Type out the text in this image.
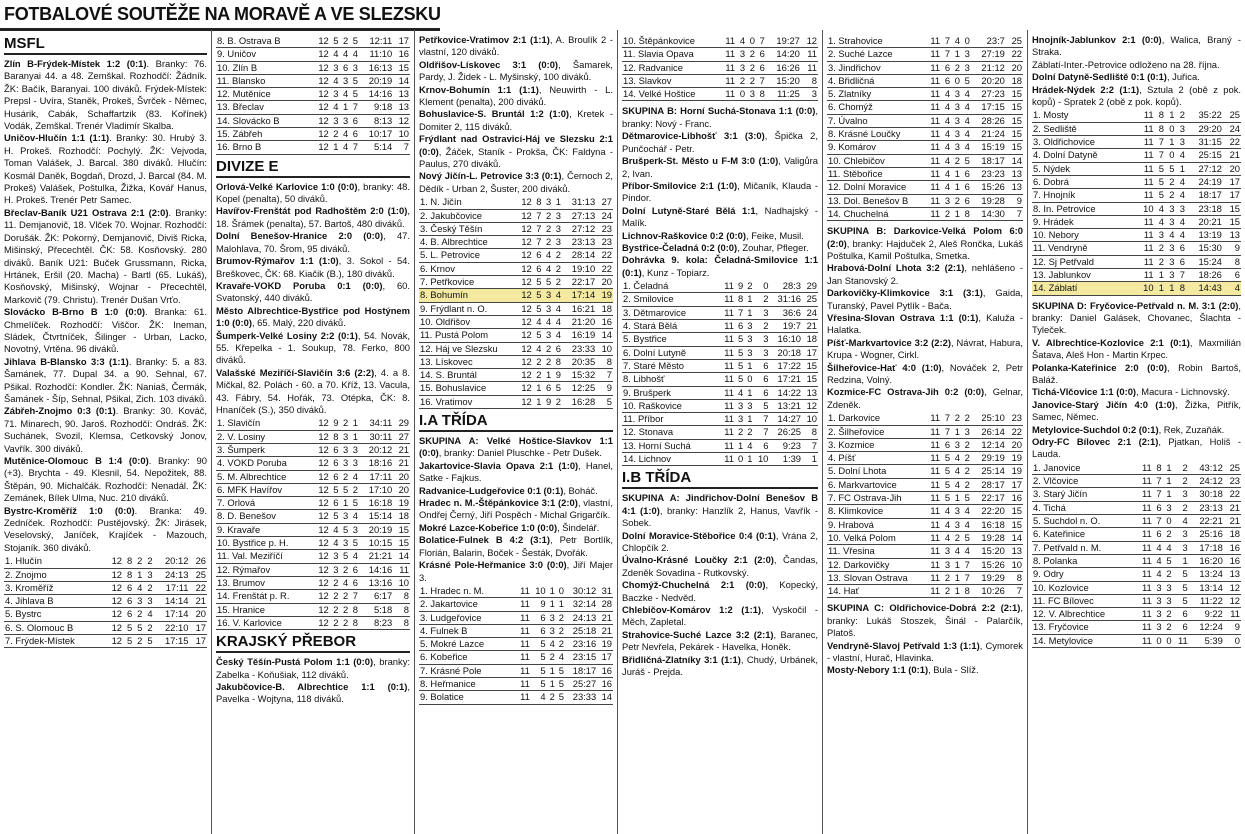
FOTBALOVÉ SOUTĚŽE NA MORAVĚ A VE SLEZSKU
MSFL

Zlín B-Frýdek-Místek 1:2 (0:1). Branky: 76. Baranyai 44. a 48. Zemškal. Rozhodčí: Žádník. ŽK: Bačík, Baranyai. 100 diváků. Frýdek-Místek: Prepsl - Uvíra, Staněk, Prokeš, Švrček - Němec, Husárik, Cabák, Schaffartzik (83. Kořínek) Vodák, Zemškal. Trenér Vladimír Skalba.

Uničov-Hlučín 1:1 (1:1). Branky: 30. Hrubý 3. H. Prokeš. Rozhodčí: Pochylý. ŽK: Vejvoda, Toman Valášek, J. Barcal. 380 diváků. Hlučín: Kosmál Daněk, Bogdaň, Drozd, J. Barcal (84. M. Prokeš) Valášek, Poštulka, Žižka, Kovář Hanus, H. Prokeš. Trenér Petr Samec.

Břeclav-Baník U21 Ostrava 2:1 (2:0). Branky: 11. Demjanovič, 18. Vlček 70. Wojnar. Rozhodčí: Dorušák. ŽK: Pokorný, Demjanovič, Diviš Ricka, Mišinský, Přecechtěl. ČK: 58. Kosňovský. 280 diváků. Baník U21: Buček Grussmann, Ricka, Hrtánek, Eršil (20. Macha) - Bartl (65. Lukáš), Kosňovský, Mišinský, Wojnar - Přecechtěl, Markovič (79. Christu). Trenér Dušan Vrťo.

Slovácko B-Brno B 1:0 (0:0). Branka: 61. Chmelíček. Rozhodčí: Viščor. ŽK: Ineman, Sládek, Čtvrtníček, Šilinger - Urban, Lacko, Novotný, Vrtěna. 96 diváků.

Jihlava B-Blansko 3:3 (1:1). Branky: 5. a 83. Šamánek, 77. Dupal 34. a 90. Sehnal, 67. Pšikal. Rozhodčí: Kondler. ŽK: Naniaš, Čermák, Šamánek - Šíp, Sehnal, Pšikal, Zich. 103 diváků.

Zábřeh-Znojmo 0:3 (0:1). Branky: 30. Kováč, 71. Minarech, 90. Jaroš. Rozhodčí: Ondráš. ŽK: Suchánek, Svozil, Klemsa, Cetkovský Jonov, Vavřík. 300 diváků.

Mutěnice-Olomouc B 1:4 (0:0). Branky: 90 (+3). Brychta - 49. Klesnil, 54. Nepožitek, 88. Štěpán, 90. Michalčák. Rozhodčí: Nenadál. ŽK: Zemánek, Bílek Ulma, Nuc. 210 diváků.

Bystrc-Kroměříž 1:0 (0:0). Branka: 49. Zedníček. Rozhodčí: Pustějovský. ŽK: Jirásek, Veselovský, Janíček, Krajíček - Mazouch, Stojaník. 360 diváků.

1. Hlučín	12	8	2	2	20:12	26
2. Znojmo	12	8	1	3	24:13	25
3. Kroměříž	12	6	4	2	17:11	22
4. Jihlava B	12	6	3	3	14:14	21
5. Bystrc	12	6	2	4	17:14	20
6. S. Olomouc B	12	5	5	2	22:10	17
7. Frýdek-Místek	12	5	2	5	17:15	17
8. B. Ostrava B	12	5	2	5	12:11	17
9. Uničov	12	4	4	4	11:10	16
10. Zlín B	12	3	6	3	16:13	15
11. Blansko	12	4	3	5	20:19	14
12. Mutěnice	12	3	4	5	14:16	13
13. Břeclav	12	4	1	7	9:18	13
14. Slovácko B	12	3	3	6	8:13	12
15. Zábřeh	12	2	4	6	10:17	10
16. Brno B	12	1	4	7	5:14	7
DIVIZE E

Orlová-Velké Karlovice 1:0 (0:0), branky: 48. Kopel (penalta), 50 diváků.

Havířov-Frenštát pod Radhoštěm 2:0 (1:0), 18. Šrámek (penalta), 57. Bartoš, 480 diváků.

Dolní Benešov-Hranice 2:0 (0:0), 47. Malohlava, 70. Šrom, 95 diváků.

Brumov-Rýmařov 1:1 (1:0), 3. Sokol - 54. Breškovec, ČK: 68. Kiačik (B.), 180 diváků.

Kravaře-VOKD Poruba 0:1 (0:0), 60. Svatonský, 440 diváků.

Město Albrechtice-Bystřice pod Hostýnem 1:0 (0:0), 65. Malý, 220 diváků.

Šumperk-Velké Losiny 2:2 (0:1), 54. Novák, 55. Křepelka - 1. Soukup, 78. Ferko, 800 diváků.

Valašské Meziříčí-Slavičín 3:6 (2:2), 4. a 8. Mičkal, 82. Polách - 60. a 70. Kříž, 13. Vacula, 43. Fábry, 54. Hořák, 73. Otépka, ČK: 8. Hnaníček (S.), 350 diváků.

1. Slavičín	12	9	2	1	34:11	29
2. V. Losiny	12	8	3	1	30:11	27
3. Šumperk	12	6	3	3	20:12	21
4. VOKD Poruba	12	6	3	3	18:16	21
5. M. Albrechtice	12	6	2	4	17:11	20
6. MFK Havířov	12	5	5	2	17:10	20
7. Orlová	12	6	1	5	16:18	19
8. D. Benešov	12	5	3	4	15:14	18
9. Kravaře	12	4	5	3	20:19	15
10. Bystřice p. H.	12	4	3	5	10:15	15
11. Val. Meziříčí	12	3	5	4	21:21	14
12. Rýmařov	12	3	2	6	14:16	11
13. Brumov	12	2	4	6	13:16	10
14. Frenštát p. R.	12	2	2	7	6:17	8
15. Hranice	12	2	2	8	5:18	8
16. V. Karlovice	12	2	2	8	8:23	8
KRAJSKÝ PŘEBOR

Český Těšín-Pustá Polom 1:1 (0:0), branky: Zabelka - Koňušiak, 112 diváků.

Jakubčovice-B. Albrechtice 1:1 (0:1), Pavelka - Wojtyna, 118 diváků.

Petřkovice-Vratimov 2:1 (1:1), A. Broulík 2 - vlastní, 120 diváků.

Oldřišov-Lískovec 3:1 (0:0), Šamarek, Pardy, J. Židek - L. Myšinský, 100 diváků.

Krnov-Bohumín 1:1 (1:1), Neuwirth - L. Klement (penalta), 200 diváků.

Bohuslavice-S. Bruntál 1:2 (1:0), Kretek - Domiter 2, 115 diváků.

Frýdlant nad Ostravicí-Háj ve Slezsku 2:1 (0:0), Žáček, Staník - Prokša, ČK: Faldyna - Paulus, 270 diváků.

Nový Jičín-L. Petrovice 3:3 (0:1), Černoch 2, Dědík - Urban 2, Šuster, 200 diváků.

1. N. Jičín	12	8	3	1	31:13	27
2. Jakubčovice	12	7	2	3	27:13	24
3. Český Těšín	12	7	2	3	27:12	23
4. B. Albrechtice	12	7	2	3	23:13	23
5. L. Petrovice	12	6	4	2	28:14	22
6. Krnov	12	6	4	2	19:10	22
7. Petřkovice	12	5	5	2	22:17	20
8. Bohumín	12	5	3	4	17:14	19
9. Frýdlant n. O.	12	5	3	4	16:21	18
10. Oldřišov	12	4	4	4	21:20	16
11. Pustá Polom	12	5	3	4	16:19	14
12. Háj ve Slezsku	12	4	2	6	23:33	10
13. Lískovec	12	2	2	8	20:35	8
14. S. Bruntál	12	2	1	9	15:32	7
15. Bohuslavice	12	1	6	5	12:25	9
16. Vratimov	12	1	9	2	16:28	5
I.A TŘÍDA

SKUPINA A: Velké Hoštice-Slavkov 1:1 (0:0), branky: Daniel Pluschke - Petr Dušek.

Jakartovice-Slavia Opava 2:1 (1:0), Hanel, Satke - Fajkus.

Radvanice-Ludgeřovice 0:1 (0:1), Boháč.

Hradec n. M.-Štěpánkovice 3:1 (2:0), vlastní, Ondřej Černý, Jiří Pospěch - Michal Grigarčík.

Mokré Lazce-Kobeřice 1:0 (0:0), Šindelář.

Bolatice-Fulnek B 4:2 (3:1), Petr Bortlík, Florián, Balarin, Boček - Šesták, Dvořák.

Krásné Pole-Heřmanice 3:0 (0:0), Jiří Majer 3.

1. Hradec n. M.	11	10	1	0	30:12	31
2. Jakartovice	11	9	1	1	32:14	28
3. Ludgeřovice	11	6	3	2	24:13	21
4. Fulnek B	11	6	3	2	25:18	21
5. Mokré Lazce	11	5	4	2	23:16	19
6. Kobeřice	11	5	2	4	23:15	17
7. Krásné Pole	11	5	1	5	18:17	16
8. Heřmanice	11	5	1	5	25:27	16
9. Bolatice	11	4	2	5	23:33	14
10. Štěpánkovice	11	4	0	7	19:27	12
11. Slavia Opava	11	3	2	6	14:20	11
12. Radvanice	11	3	2	6	16:26	11
13. Slavkov	11	2	2	7	15:20	8
14. Velké Hoštice	11	0	3	8	11:25	3

SKUPINA B: Horní Suchá-Stonava 1:1 (0:0), branky: Nový - Franc.

Dětmarovice-Libhošť 3:1 (3:0), Špička 2, Punčochář - Petr.

Brušperk-St. Město u F-M 3:0 (1:0), Valigůra 2, Ivan.

Příbor-Smilovice 2:1 (1:0), Mičaník, Klauda - Pindor.

Dolní Lutyně-Staré Bělá 1:1, Nadhajský - Malík.

Lichnov-Raškovice 0:2 (0:0), Feike, Musil.

Bystřice-Čeladná 0:2 (0:0), Zouhar, Pfleger.

Dohrávka 9. kola: Čeladná-Smilovice 1:1 (0:1), Kunz - Topiarz.

1. Čeladná	11	9	2	0	28:3	29
2. Smilovice	11	8	1	2	31:16	25
3. Dětmarovice	11	7	1	3	36:6	24
4. Stará Bělá	11	6	3	2	19:7	21
5. Bystřice	11	5	3	3	16:10	18
6. Dolní Lutyně	11	5	3	3	20:18	17
7. Staré Město	11	5	1	6	17:22	15
8. Libhošť	11	5	0	6	17:21	15
9. Brušperk	11	4	1	6	14:22	13
10. Raškovice	11	3	3	5	13:21	12
11. Příbor	11	3	1	7	14:27	10
12. Stonava	11	2	2	7	26:25	8
13. Horní Suchá	11	1	4	6	9:23	7
14. Lichnov	11	0	1	10	1:39	1
I.B TŘÍDA

SKUPINA A: Jindřichov-Dolní Benešov B 4:1 (1:0), branky: Hanzlík 2, Hanus, Vavřík - Sobek.

Dolní Moravice-Stěbořice 0:4 (0:1), Vrána 2, Chlopčík 2.

Úvalno-Krásné Loučky 2:1 (2:0), Čandas, Zdeněk Sovadina - Rutkovský.

Chomýž-Chuchelná 2:1 (0:0), Kopecký, Baczke - Nedvěd.

Chlebičov-Komárov 1:2 (1:1), Vyskočil - Měch, Zapletal.

Strahovice-Suché Lazce 3:2 (2:1), Baranec, Petr Nevřela, Pekárek - Havelka, Honěk.

Břidličná-Zlatníky 3:1 (1:1), Chudý, Urbánek, Juráš - Prejda.

1. Strahovice	11	7	4	0	23:7	25
2. Suché Lazce	11	7	1	3	27:19	22
3. Jindřichov	11	6	2	3	21:12	20
4. Břidličná	11	6	0	5	20:20	18
5. Zlatníky	11	4	3	4	27:23	15
6. Chomýž	11	4	3	4	17:15	15
7. Úvalno	11	4	3	4	28:26	15
8. Krásné Loučky	11	4	3	4	21:24	15
9. Komárov	11	4	3	4	15:19	15
10. Chlebičov	11	4	2	5	18:17	14
11. Stěbořice	11	4	1	6	23:23	13
12. Dolní Moravice	11	4	1	6	15:26	13
13. Dol. Benešov B	11	3	2	6	19:28	9
14. Chuchelná	11	2	1	8	14:30	7

SKUPINA B: Darkovice-Velká Polom 6:0 (2:0), branky: Hajduček 2, Aleš Rončka, Lukáš Poštulka, Kamil Poštulka, Smetka.

Hrabová-Dolní Lhota 3:2 (2:1), nehlášeno - Jan Stanovský 2.

Darkovičky-Klimkovice 3:1 (3:1), Gaida, Turanský, Pavel Pytlík - Bača.

Vřesina-Slovan Ostrava 1:1 (0:1), Kaluža - Halatka.

Píšť-Markvartovice 3:2 (2:2), Návrat, Habura, Krupa - Wogner, Cirkl.

Šilheřovice-Hať 4:0 (1:0), Nováček 2, Petr Redzina, Volný.

Kozmice-FC Ostrava-Jih 0:2 (0:0), Gelnar, Zdeněk.

1. Darkovice	11	7	2	2	25:10	23
2. Šilheřovice	11	7	1	3	26:14	22
3. Kozmice	11	6	3	2	12:14	20
4. Píšť	11	5	4	2	29:19	19
5. Dolní Lhota	11	5	4	2	25:14	19
6. Markvartovice	11	5	4	2	28:17	17
7. FC Ostrava-Jih	11	5	1	5	22:17	16
8. Klimkovice	11	4	3	4	22:20	15
9. Hrabová	11	4	3	4	16:18	15
10. Velká Polom	11	4	2	5	19:28	14
11. Vřesina	11	3	4	4	15:20	13
12. Darkovičky	11	3	1	7	15:26	10
13. Slovan Ostrava	11	2	1	7	19:29	8
14. Hať	11	2	1	8	10:26	7

SKUPINA C: Oldřichovice-Dobrá 2:2 (2:1), branky: Lukáš Stoszek, Šinál - Palarčík, Platoš.

Vendryně-Slavoj Petřvald 1:3 (1:1), Cymorek - vlastní, Hurač, Hlavinka.

Mosty-Nebory 1:1 (0:1), Bula - Slíž.

Hnojník-Jablunkov 2:1 (0:0), Walica, Braný - Straka.

Záblatí-Inter.-Petrovice odloženo na 28. října.

Dolní Datyně-Sedliště 0:1 (0:1), Juřica.

Hrádek-Nýdek 2:2 (1:1), Sztula 2 (obě z pok. kopů) - Spratek 2 (obě z pok. kopů).

1. Mosty	11	8	1	2	35:22	25
2. Sedliště	11	8	0	3	29:20	24
3. Oldřichovice	11	7	1	3	31:15	22
4. Dolní Datyně	11	7	0	4	25:15	21
5. Nýdek	11	5	5	1	27:12	20
6. Dobrá	11	5	2	4	24:19	17
7. Hnojník	11	5	2	4	18:17	17
8. In. Petrovice	10	4	3	3	23:18	15
9. Hrádek	11	4	3	4	20:21	15
10. Nebory	11	3	4	4	13:19	13
11. Vendryně	11	2	3	6	15:30	9
12. Sj Petřvald	11	2	3	6	15:24	8
13. Jablunkov	11	1	3	7	18:26	6
14. Záblatí	10	1	1	8	14:43	4

SKUPINA D: Fryčovice-Petřvald n. M. 3:1 (2:0), branky: Daniel Galásek, Chovanec, Šlachta - Tyleček.

V. Albrechtice-Kozlovice 2:1 (0:1), Maxmilián Šatava, Aleš Hon - Martin Krpec.

Polanka-Kateřinice 2:0 (0:0), Robin Bartoš, Baláž.

Tichá-Vlčovice 1:1 (0:0), Macura - Lichnovský.

Janovice-Starý Jičín 4:0 (1:0), Žižka, Pitřík, Samec, Němec.

Metylovice-Suchdol 0:2 (0:1), Rek, Zuzaňák.

Odry-FC Bílovec 2:1 (2:1), Pjatkan, Holiš - Lauda.

1. Janovice	11	8	1	2	43:12	25
2. Vlčovice	11	7	1	2	24:12	23
3. Starý Jičín	11	7	1	3	30:18	22
4. Tichá	11	6	3	2	23:13	21
5. Suchdol n. O.	11	7	0	4	22:21	21
6. Kateřinice	11	6	2	3	25:16	18
7. Petřvald n. M.	11	4	4	3	17:18	16
8. Polanka	11	4	5	1	16:20	16
9. Odry	11	4	2	5	13:24	13
10. Kozlovice	11	3	3	5	13:14	12
11. FC Bílovec	11	3	3	5	11:22	12
12. V. Albrechtice	11	3	2	6	9:22	11
13. Fryčovice	11	3	2	6	12:24	9
14. Metylovice	11	0	0	11	5:39	0
